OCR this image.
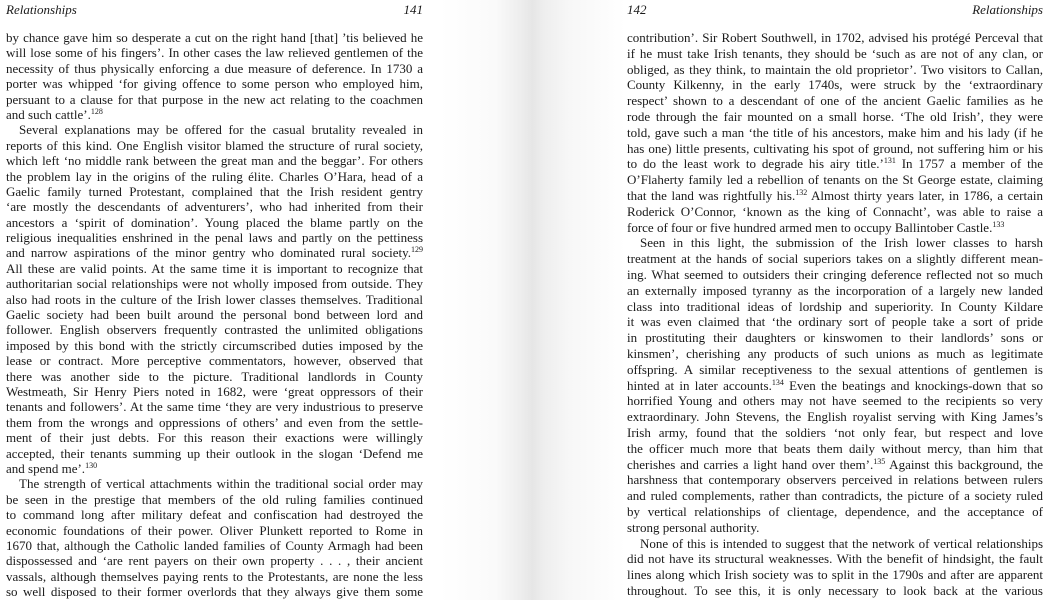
Relationships	141
by chance gave him so desperate a cut on the right hand [that] ’tis believed he
will lose some of his fingers’. In other cases the law relieved gentlemen of the
necessity of thus physically enforcing a due measure of deference. In 1730 a
porter was whipped ‘for giving offence to some person who employed him,
persuant to a clause for that purpose in the new act relating to the coachmen
and such cattle’.$^{128}$
Several explanations may be offered for the casual brutality revealed in
reports of this kind. One English visitor blamed the structure of rural society,
which left ‘no middle rank between the great man and the beggar’. For others
the problem lay in the origins of the ruling élite. Charles O’Hara, head of a
Gaelic family turned Protestant, complained that the Irish resident gentry
‘are mostly the descendants of adventurers’, who had inherited from their
ancestors a ‘spirit of domination’. Young placed the blame partly on the
religious inequalities enshrined in the penal laws and partly on the pettiness
and narrow aspirations of the minor gentry who dominated rural society.$^{129}$
All these are valid points. At the same time it is important to recognize that
authoritarian social relationships were not wholly imposed from outside. They
also had roots in the culture of the Irish lower classes themselves. Traditional
Gaelic society had been built around the personal bond between lord and
follower. English observers frequently contrasted the unlimited obligations
imposed by this bond with the strictly circumscribed duties imposed by the
lease or contract. More perceptive commentators, however, observed that
there was another side to the picture. Traditional landlords in County
Westmeath, Sir Henry Piers noted in 1682, were ‘great oppressors of their
tenants and followers’. At the same time ‘they are very industrious to preserve
them from the wrongs and oppressions of others’ and even from the settle-
ment of their just debts. For this reason their exactions were willingly
accepted, their tenants summing up their outlook in the slogan ‘Defend me
and spend me’.$^{130}$
The strength of vertical attachments within the traditional social order may
be seen in the prestige that members of the old ruling families continued
to command long after military defeat and confiscation had destroyed the
economic foundations of their power. Oliver Plunkett reported to Rome in
1670 that, although the Catholic landed families of County Armagh had been
dispossessed and ‘are rent payers on their own property . . . , their ancient
vassals, although themselves paying rents to the Protestants, are none the less
so well disposed to their former overlords that they always give them some
142	Relationships
contribution’. Sir Robert Southwell, in 1702, advised his protégé Perceval that
if he must take Irish tenants, they should be ‘such as are not of any clan, or
obliged, as they think, to maintain the old proprietor’. Two visitors to Callan,
County Kilkenny, in the early 1740s, were struck by the ‘extraordinary
respect’ shown to a descendant of one of the ancient Gaelic families as he
rode through the fair mounted on a small horse. ‘The old Irish’, they were
told, gave such a man ‘the title of his ancestors, make him and his lady (if he
has one) little presents, cultivating his spot of ground, not suffering him or his
to do the least work to degrade his airy title.’$^{131}$ In 1757 a member of the
O’Flaherty family led a rebellion of tenants on the St George estate, claiming
that the land was rightfully his.$^{132}$ Almost thirty years later, in 1786, a certain
Roderick O’Connor, ‘known as the king of Connacht’, was able to raise a
force of four or five hundred armed men to occupy Ballintober Castle.$^{133}$
Seen in this light, the submission of the Irish lower classes to harsh
treatment at the hands of social superiors takes on a slightly different mean-
ing. What seemed to outsiders their cringing deference reflected not so much
an externally imposed tyranny as the incorporation of a largely new landed
class into traditional ideas of lordship and superiority. In County Kildare
it was even claimed that ‘the ordinary sort of people take a sort of pride
in prostituting their daughters or kinswomen to their landlords’ sons or
kinsmen’, cherishing any products of such unions as much as legitimate
offspring. A similar receptiveness to the sexual attentions of gentlemen is
hinted at in later accounts.$^{134}$ Even the beatings and knockings-down that so
horrified Young and others may not have seemed to the recipients so very
extraordinary. John Stevens, the English royalist serving with King James’s
Irish army, found that the soldiers ‘not only fear, but respect and love
the officer much more that beats them daily without mercy, than him that
cherishes and carries a light hand over them’.$^{135}$ Against this background, the
harshness that contemporary observers perceived in relations between rulers
and ruled complements, rather than contradicts, the picture of a society ruled
by vertical relationships of clientage, dependence, and the acceptance of
strong personal authority.
None of this is intended to suggest that the network of vertical relationships
did not have its structural weaknesses. With the benefit of hindsight, the fault
lines along which Irish society was to split in the 1790s and after are apparent
throughout. To see this, it is only necessary to look back at the various
